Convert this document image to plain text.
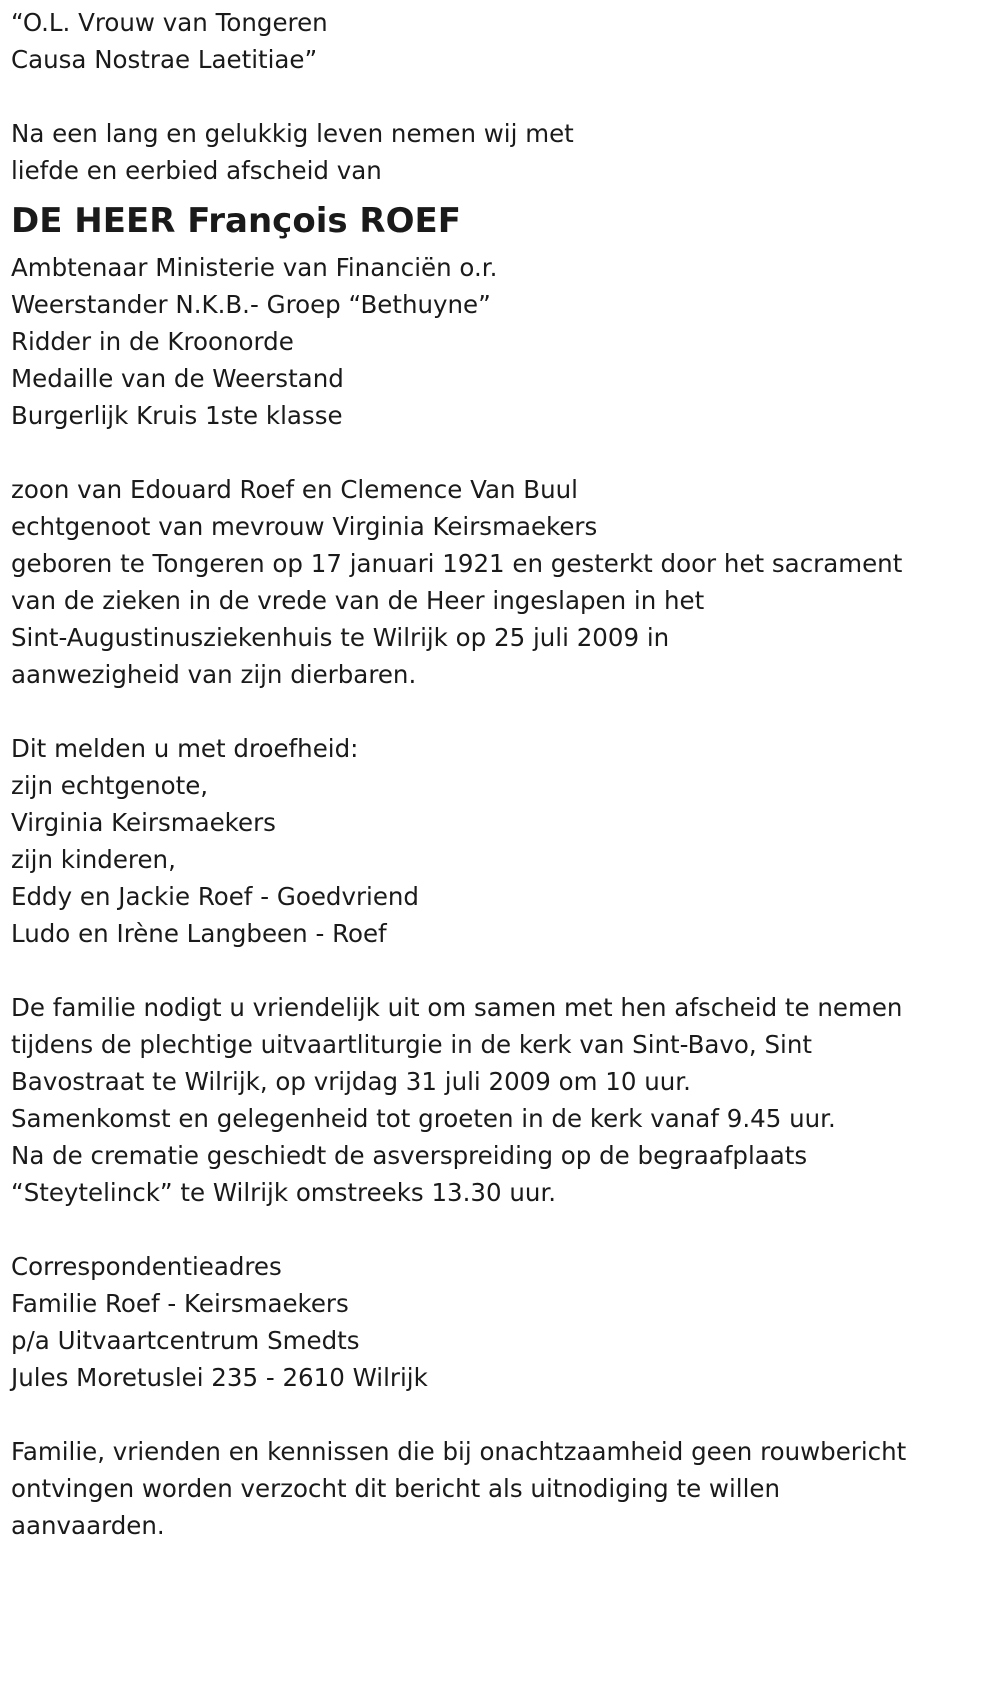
“O.L. Vrouw van Tongeren

Causa Nostrae Laetitiae”

Na een lang en gelukkig leven nemen wij met

liefde en eerbied afscheid van

DE HEER François ROEF

Ambtenaar Ministerie van Financiën o.r.

Weerstander N.K.B.- Groep “Bethuyne”

Ridder in de Kroonorde

Medaille van de Weerstand

Burgerlijk Kruis 1ste klasse

zoon van Edouard Roef en Clemence Van Buul

echtgenoot van mevrouw Virginia Keirsmaekers

geboren te Tongeren op 17 januari 1921 en gesterkt door het sacrament

van de zieken in de vrede van de Heer ingeslapen in het

Sint-Augustinusziekenhuis te Wilrijk op 25 juli 2009 in

aanwezigheid van zijn dierbaren.

Dit melden u met droefheid:

zijn echtgenote,

Virginia Keirsmaekers

zijn kinderen,

Eddy en Jackie Roef - Goedvriend

Ludo en Irène Langbeen - Roef

De familie nodigt u vriendelijk uit om samen met hen afscheid te nemen

tijdens de plechtige uitvaartliturgie in de kerk van Sint-Bavo, Sint

Bavostraat te Wilrijk, op vrijdag 31 juli 2009 om 10 uur.

Samenkomst en gelegenheid tot groeten in de kerk vanaf 9.45 uur.

Na de crematie geschiedt de asverspreiding op de begraafplaats

“Steytelinck” te Wilrijk omstreeks 13.30 uur.

Correspondentieadres

Familie Roef - Keirsmaekers

p/a Uitvaartcentrum Smedts

Jules Moretuslei 235 - 2610 Wilrijk

Familie, vrienden en kennissen die bij onachtzaamheid geen rouwbericht

ontvingen worden verzocht dit bericht als uitnodiging te willen

aanvaarden.
